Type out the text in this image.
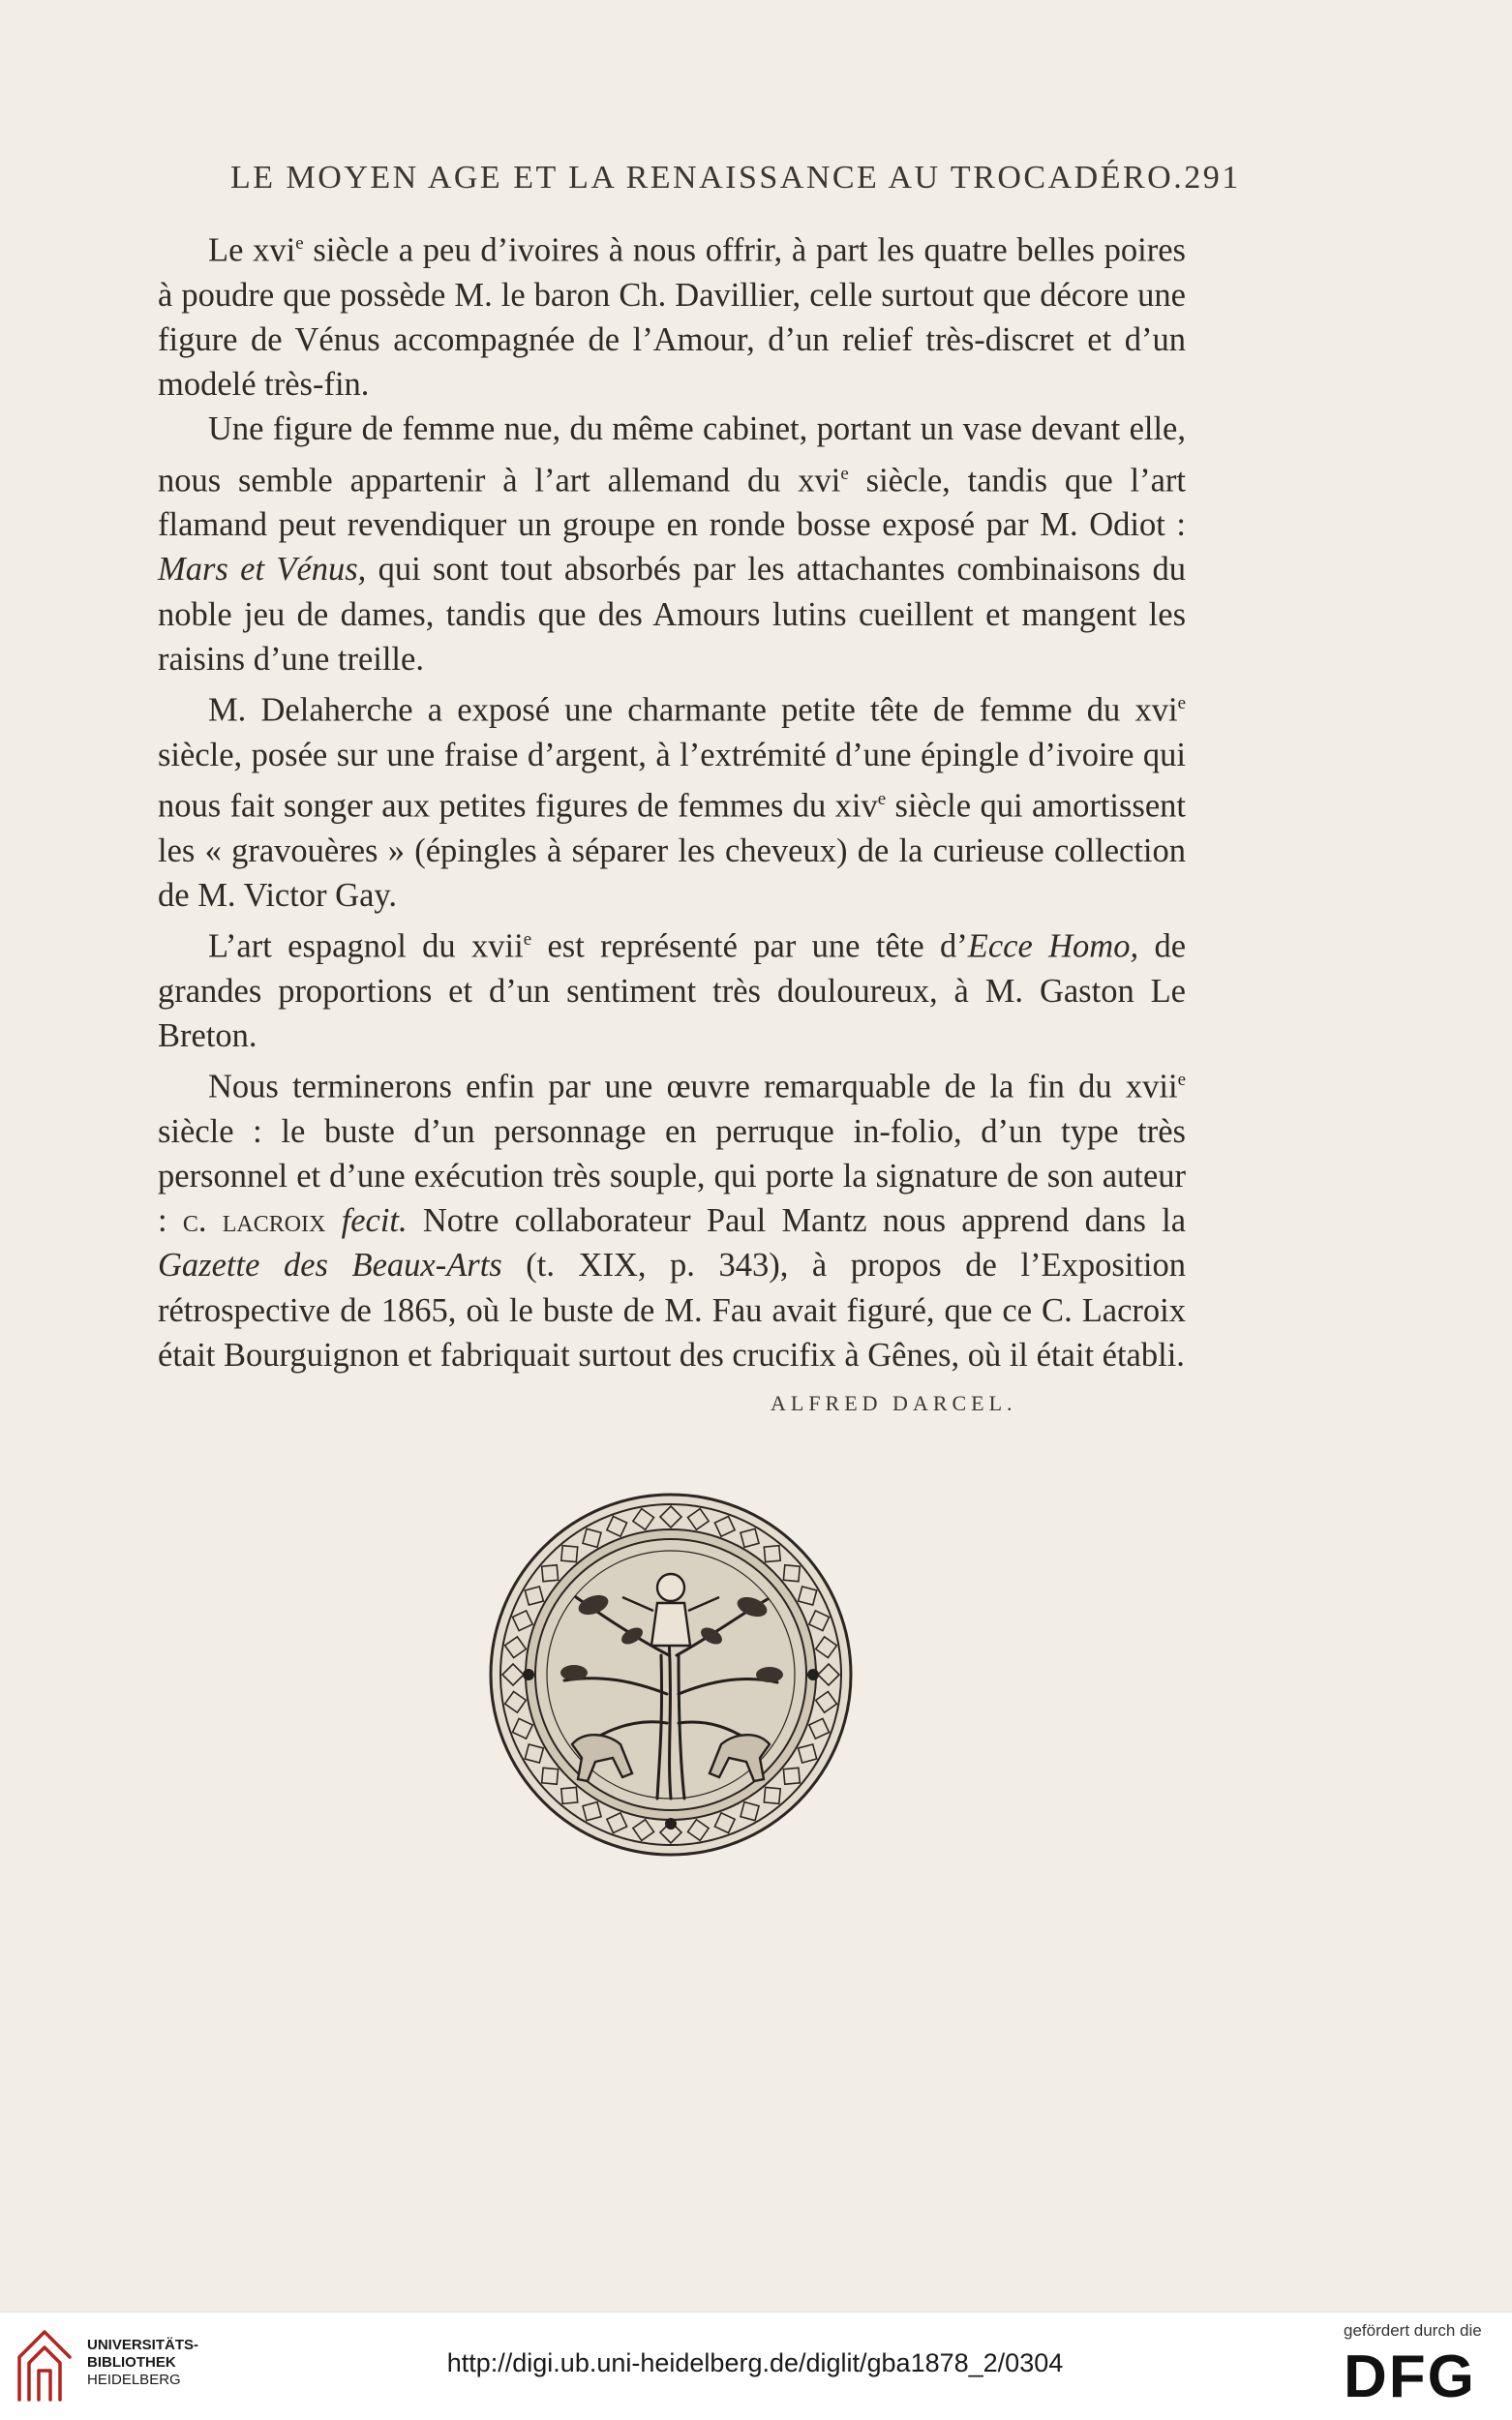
LE MOYEN AGE ET LA RENAISSANCE AU TROCADÉRO. 291

Le xvi$^e$ siècle a peu d’ivoires à nous offrir, à part les quatre belles poires à poudre que possède M. le baron Ch. Davillier, celle surtout que décore une figure de Vénus accompagnée de l’Amour, d’un relief très-discret et d’un modelé très-fin.

Une figure de femme nue, du même cabinet, portant un vase devant elle, nous semble appartenir à l’art allemand du xvi$^e$ siècle, tandis que l’art flamand peut revendiquer un groupe en ronde bosse exposé par M. Odiot : Mars et Vénus, qui sont tout absorbés par les attachantes combinaisons du noble jeu de dames, tandis que des Amours lutins cueillent et mangent les raisins d’une treille.

M. Delaherche a exposé une charmante petite tête de femme du xvi$^e$ siècle, posée sur une fraise d’argent, à l’extrémité d’une épingle d’ivoire qui nous fait songer aux petites figures de femmes du xiv$^e$ siècle qui amortissent les « gravouères » (épingles à séparer les cheveux) de la curieuse collection de M. Victor Gay.

L’art espagnol du xvii$^e$ est représenté par une tête d’Ecce Homo, de grandes proportions et d’un sentiment très douloureux, à M. Gaston Le Breton.

Nous terminerons enfin par une œuvre remarquable de la fin du xvii$^e$ siècle : le buste d’un personnage en perruque in-folio, d’un type très personnel et d’une exécution très souple, qui porte la signature de son auteur : c. lacroix fecit. Notre collaborateur Paul Mantz nous apprend dans la Gazette des Beaux-Arts (t. XIX, p. 343), à propos de l’Exposition rétrospective de 1865, où le buste de M. Fau avait figuré, que ce C. Lacroix était Bourguignon et fabriquait surtout des crucifix à Gênes, où il était établi.

ALFRED DARCEL.
UNIVERSITÄTS-
BIBLIOTHEK
HEIDELBERG
http://digi.ub.uni-heidelberg.de/diglit/gba1878_2/0304
gefördert durch die
DFG
